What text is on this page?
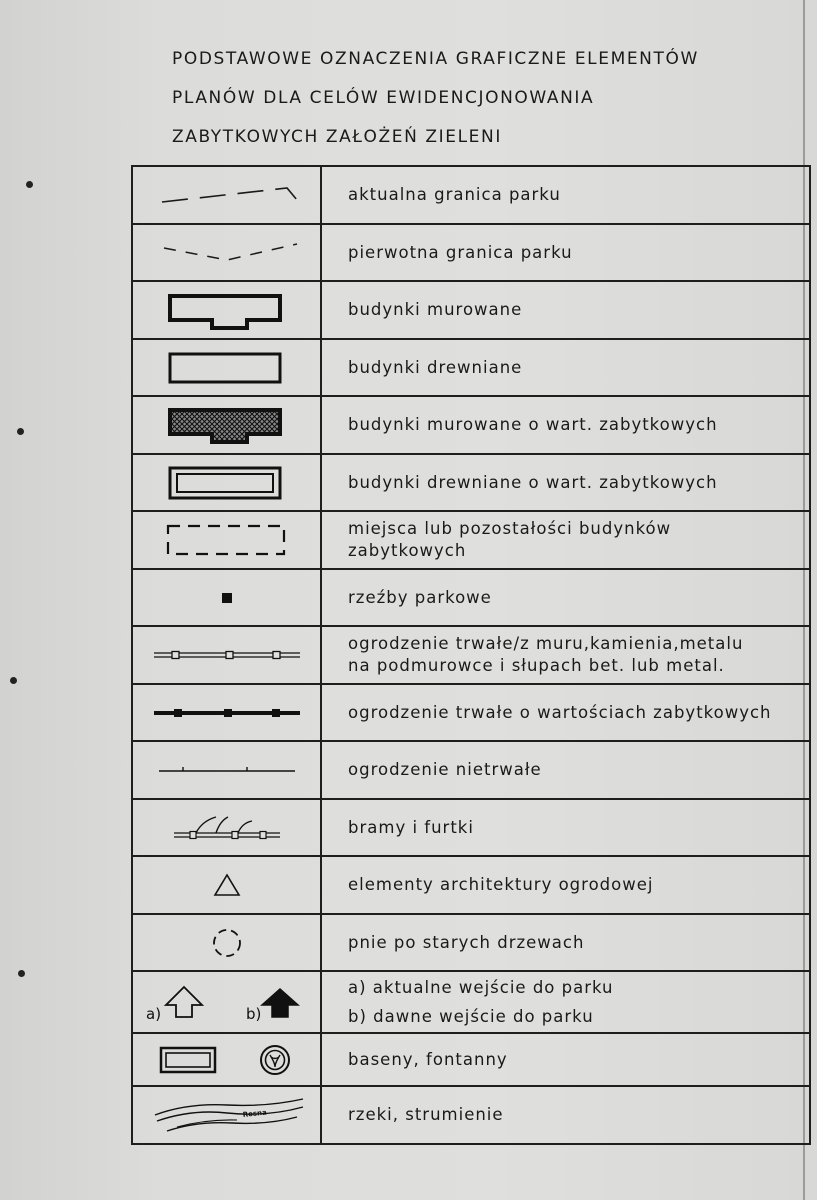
PODSTAWOWE OZNACZENIA GRAFICZNE ELEMENTÓW
PLANÓW DLA CELÓW EWIDENCJONOWANIA
ZABYTKOWYCH ZAŁOŻEŃ ZIELENI

aktualna granica parku

pierwotna granica parku

budynki murowane

budynki drewniane

budynki murowane o wart. zabytkowych

budynki drewniane o wart. zabytkowych

miejsca lub pozostałości budynków
zabytkowych

rzeźby parkowe

ogrodzenie trwałe/z muru,kamienia,metalu
na podmurowce i słupach bet. lub metal.

ogrodzenie trwałe o wartościach zabytkowych

ogrodzenie nietrwałe

bramy i furtki

elementy architektury ogrodowej

pnie po starych drzewach

a) b)	a) aktualne wejście do parku
b) dawne wejście do parku

baseny, fontanny

Rosna	rzeki, strumienie
